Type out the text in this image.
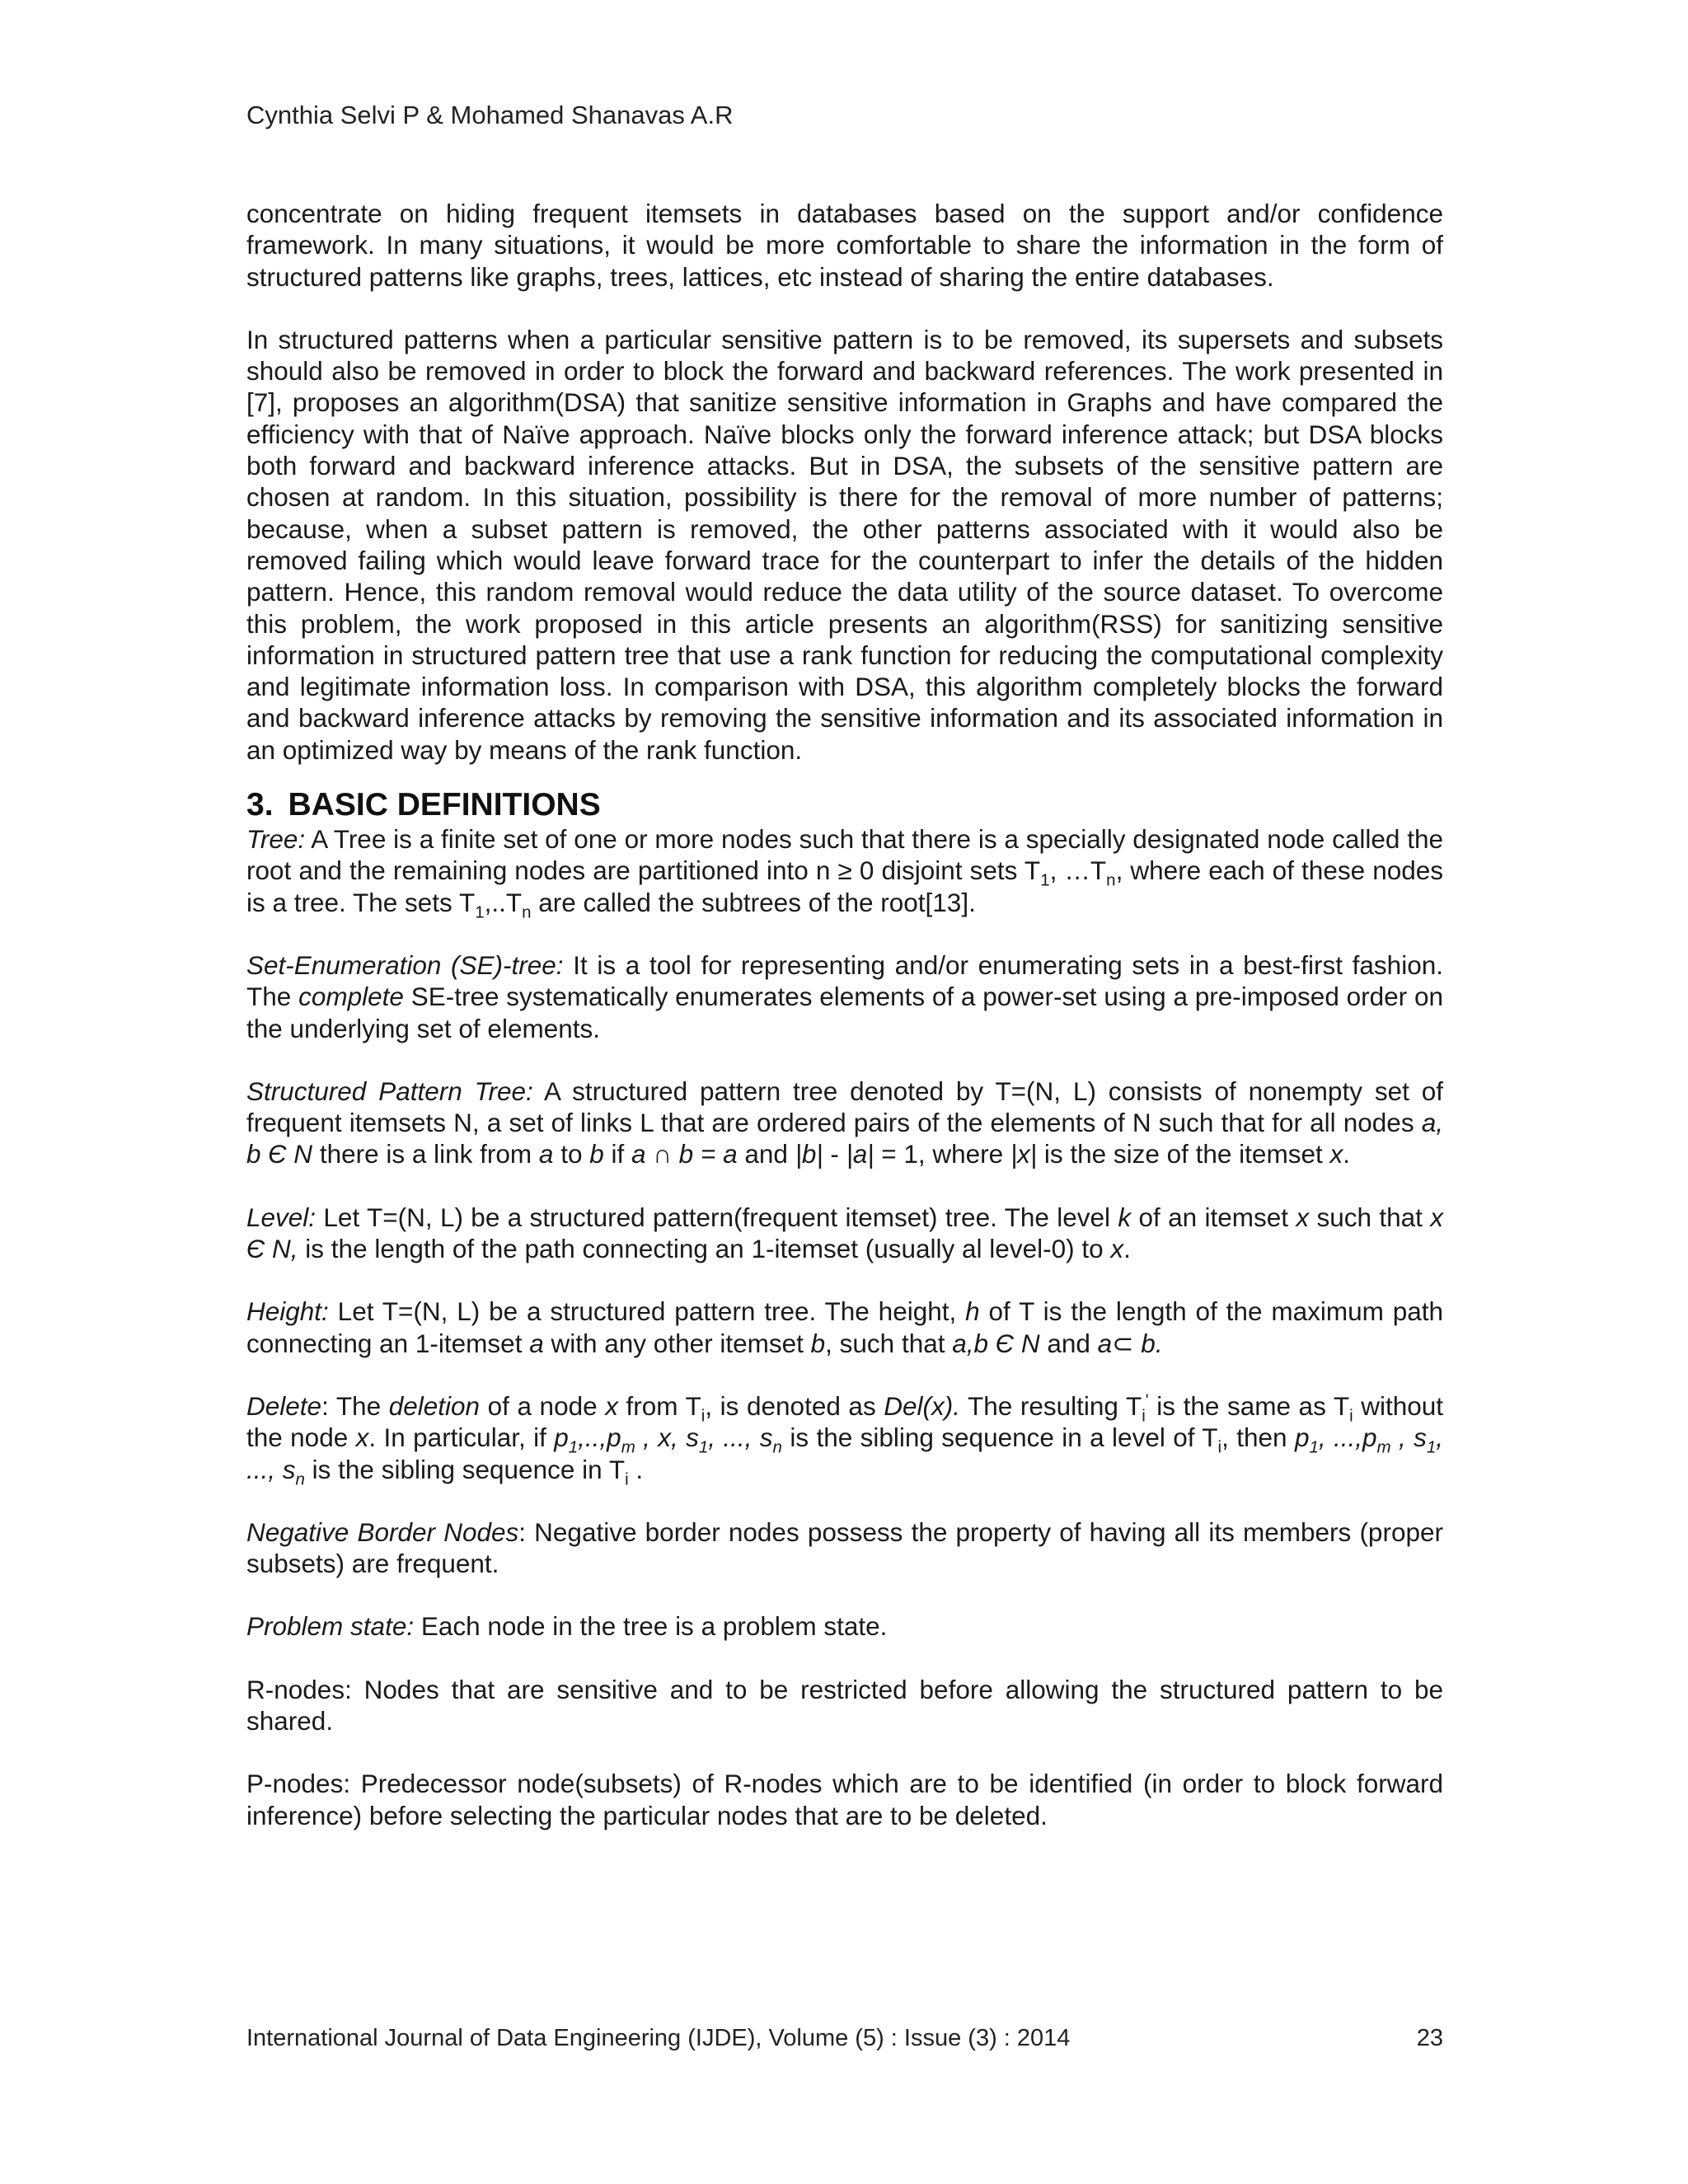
Cynthia Selvi P & Mohamed Shanavas A.R

concentrate on hiding frequent itemsets in databases based on the support and/or confidence framework. In many situations, it would be more comfortable to share the information in the form of structured patterns like graphs, trees, lattices, etc instead of sharing the entire databases.

In structured patterns when a particular sensitive pattern is to be removed, its supersets and subsets should also be removed in order to block the forward and backward references. The work presented in [7], proposes an algorithm(DSA) that sanitize sensitive information in Graphs and have compared the efficiency with that of Naïve approach. Naïve blocks only the forward inference attack; but DSA blocks both forward and backward inference attacks. But in DSA, the subsets of the sensitive pattern are chosen at random. In this situation, possibility is there for the removal of more number of patterns; because, when a subset pattern is removed, the other patterns associated with it would also be removed failing which would leave forward trace for the counterpart to infer the details of the hidden pattern. Hence, this random removal would reduce the data utility of the source dataset. To overcome this problem, the work proposed in this article presents an algorithm(RSS) for sanitizing sensitive information in structured pattern tree that use a rank function for reducing the computational complexity and legitimate information loss. In comparison with DSA, this algorithm completely blocks the forward and backward inference attacks by removing the sensitive information and its associated information in an optimized way by means of the rank function.

3. BASIC DEFINITIONS

Tree: A Tree is a finite set of one or more nodes such that there is a specially designated node called the root and the remaining nodes are partitioned into n ≥ 0 disjoint sets $T_1$, $\dots T_n$, where each of these nodes is a tree. The sets $T_1,..T_n$ are called the subtrees of the root[13].

Set-Enumeration (SE)-tree: It is a tool for representing and/or enumerating sets in a best-first fashion. The complete SE-tree systematically enumerates elements of a power-set using a pre-imposed order on the underlying set of elements.

Structured Pattern Tree: A structured pattern tree denoted by T=(N, L) consists of nonempty set of frequent itemsets N, a set of links L that are ordered pairs of the elements of N such that for all nodes a, b Є N there is a link from a to b if a ∩ b = a and |b| - |a| = 1, where |x| is the size of the itemset x.

Level: Let T=(N, L) be a structured pattern(frequent itemset) tree. The level k of an itemset x such that x Є N, is the length of the path connecting an 1-itemset (usually al level-0) to x.

Height: Let T=(N, L) be a structured pattern tree. The height, h of T is the length of the maximum path connecting an 1-itemset a with any other itemset b, such that a,b Є N and a⊂ b.

Delete: The deletion of a node x from $T_i$, is denoted as Del(x). The resulting $T_i'$ is the same as $T_i$ without the node x. In particular, if $p_1,..,p_m$ , x, $s_1$, ..., $s_n$ is the sibling sequence in a level of $T_i$, then $p_1$, $...,p_m$ , $s_1$, ..., $s_n$ is the sibling sequence in $T_i$ .

Negative Border Nodes: Negative border nodes possess the property of having all its members (proper subsets) are frequent.

Problem state: Each node in the tree is a problem state.

R-nodes: Nodes that are sensitive and to be restricted before allowing the structured pattern to be shared.

P-nodes: Predecessor node(subsets) of R-nodes which are to be identified (in order to block forward inference) before selecting the particular nodes that are to be deleted.

International Journal of Data Engineering (IJDE), Volume (5) : Issue (3) : 2014	23
